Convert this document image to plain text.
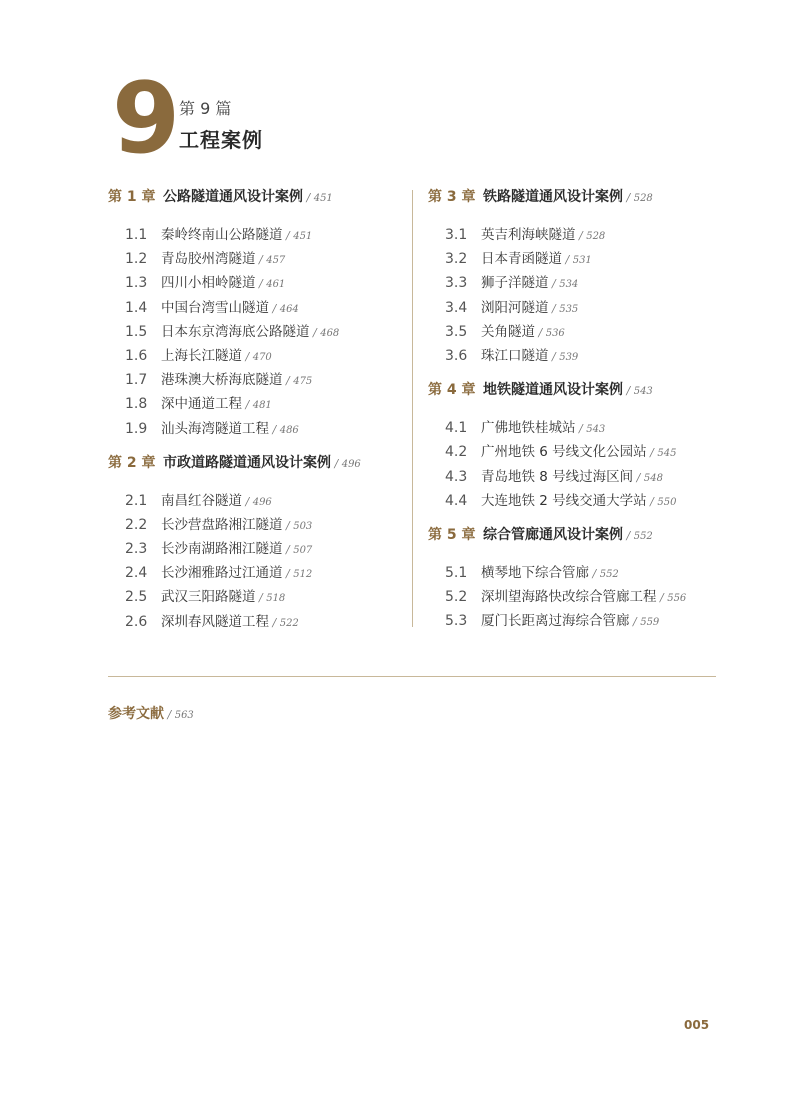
9 第 9 篇
工程案例
第 1 章 公路隧道通风设计案例 / 451
1.1 秦岭终南山公路隧道 / 451
1.2 青岛胶州湾隧道 / 457
1.3 四川小相岭隧道 / 461
1.4 中国台湾雪山隧道 / 464
1.5 日本东京湾海底公路隧道 / 468
1.6 上海长江隧道 / 470
1.7 港珠澳大桥海底隧道 / 475
1.8 深中通道工程 / 481
1.9 汕头海湾隧道工程 / 486
第 2 章 市政道路隧道通风设计案例 / 496
2.1 南昌红谷隧道 / 496
2.2 长沙营盘路湘江隧道 / 503
2.3 长沙南湖路湘江隧道 / 507
2.4 长沙湘雅路过江通道 / 512
2.5 武汉三阳路隧道 / 518
2.6 深圳春风隧道工程 / 522
第 3 章 铁路隧道通风设计案例 / 528
3.1 英吉利海峡隧道 / 528
3.2 日本青函隧道 / 531
3.3 狮子洋隧道 / 534
3.4 浏阳河隧道 / 535
3.5 关角隧道 / 536
3.6 珠江口隧道 / 539
第 4 章 地铁隧道通风设计案例 / 543
4.1 广佛地铁桂城站 / 543
4.2 广州地铁 6 号线文化公园站 / 545
4.3 青岛地铁 8 号线过海区间 / 548
4.4 大连地铁 2 号线交通大学站 / 550
第 5 章 综合管廊通风设计案例 / 552
5.1 横琴地下综合管廊 / 552
5.2 深圳望海路快改综合管廊工程 / 556
5.3 厦门长距离过海综合管廊 / 559
参考文献 / 563
005
